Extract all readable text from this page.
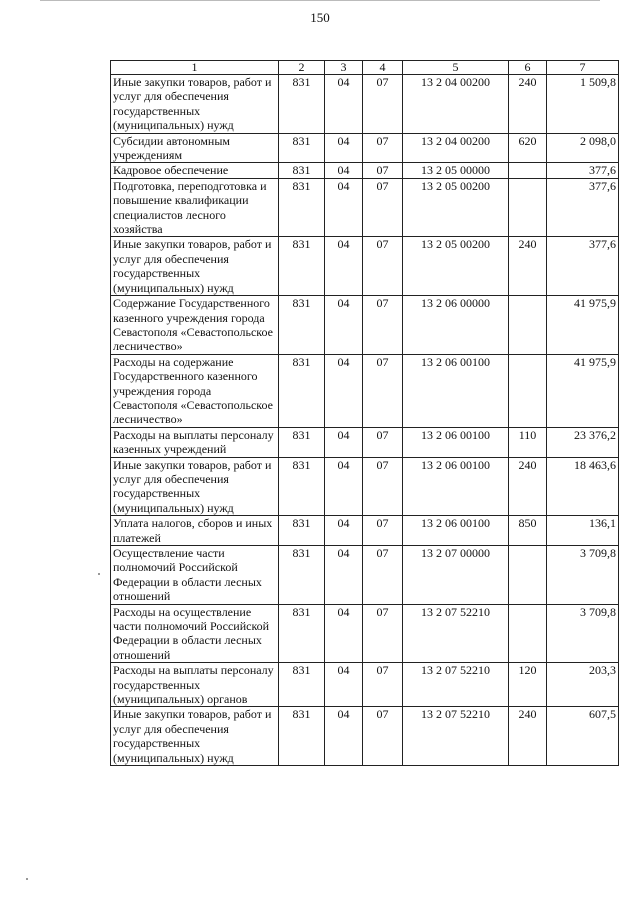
150
1	2	3	4	5	6	7
Иные закупки товаров, работ и услуг для обеспечения государственных (муниципальных) нужд	831	04	07	13 2 04 00200	240	1 509,8
Субсидии автономным учреждениям	831	04	07	13 2 04 00200	620	2 098,0
Кадровое обеспечение	831	04	07	13 2 05 00000		377,6
Подготовка, переподготовка и повышение квалификации специалистов лесного хозяйства	831	04	07	13 2 05 00200		377,6
Иные закупки товаров, работ и услуг для обеспечения государственных (муниципальных) нужд	831	04	07	13 2 05 00200	240	377,6
Содержание Государственного казенного учреждения города Севастополя «Севастопольское лесничество»	831	04	07	13 2 06 00000		41 975,9
Расходы на содержание Государственного казенного учреждения города Севастополя «Севастопольское лесничество»	831	04	07	13 2 06 00100		41 975,9
Расходы на выплаты персоналу казенных учреждений	831	04	07	13 2 06 00100	110	23 376,2
Иные закупки товаров, работ и услуг для обеспечения государственных (муниципальных) нужд	831	04	07	13 2 06 00100	240	18 463,6
Уплата налогов, сборов и иных платежей	831	04	07	13 2 06 00100	850	136,1
Осуществление части полномочий Российской Федерации в области лесных отношений	831	04	07	13 2 07 00000		3 709,8
Расходы на осуществление части полномочий Российской Федерации в области лесных отношений	831	04	07	13 2 07 52210		3 709,8
Расходы на выплаты персоналу государственных (муниципальных) органов	831	04	07	13 2 07 52210	120	203,3
Иные закупки товаров, работ и услуг для обеспечения государственных (муниципальных) нужд	831	04	07	13 2 07 52210	240	607,5
